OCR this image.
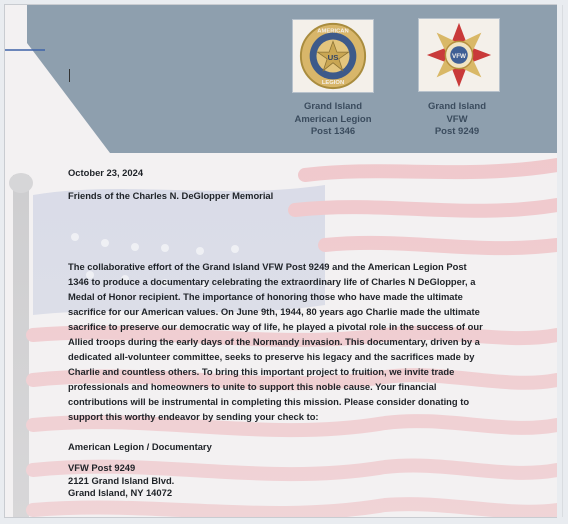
US
AMERICAN
LEGION
VFW
Grand Island
American Legion
Post 1346
Grand Island
VFW
Post 9249
October 23, 2024
Friends of the Charles N. DeGlopper Memorial
The collaborative effort of the Grand Island VFW Post 9249 and the American Legion Post
1346 to produce a documentary celebrating the extraordinary life of Charles N DeGlopper, a
Medal of Honor recipient. The importance of honoring those who have made the ultimate
sacrifice for our American values. On June 9th, 1944, 80 years ago Charlie made the ultimate
sacrifice to preserve our democratic way of life, he played a pivotal role in the success of our
Allied troops during the early days of the Normandy invasion. This documentary, driven by a
dedicated all-volunteer committee, seeks to preserve his legacy and the sacrifices made by
Charlie and countless others. To bring this important project to fruition, we invite trade
professionals and homeowners to unite to support this noble cause. Your financial
contributions will be instrumental in completing this mission. Please consider donating to
support this worthy endeavor by sending your check to:
American Legion / Documentary
VFW Post 9249
2121 Grand Island Blvd.
Grand Island, NY 14072
